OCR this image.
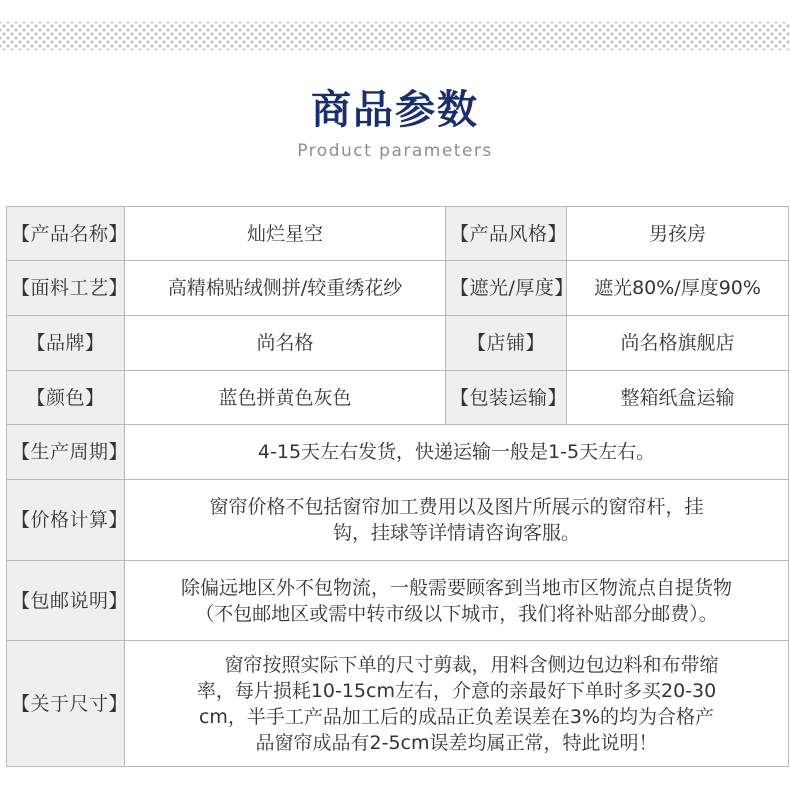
商品参数
Product parameters
【产品名称】	灿烂星空	【产品风格】	男孩房
【面料工艺】	高精棉贴绒侧拼/较重绣花纱	【遮光/厚度】	遮光80%/厚度90%
【品牌】	尚名格	【店铺】	尚名格旗舰店
【颜色】	蓝色拼黄色灰色	【包装运输】	整箱纸盒运输
【生产周期】	4-15天左右发货，快递运输一般是1-5天左右。		
【价格计算】	窗帘价格不包括窗帘加工费用以及图片所展示的窗帘杆，挂
钩，挂球等详情请咨询客服。		

【包邮说明】	除偏远地区外不包物流，一般需要顾客到当地市区物流点自提货物
（不包邮地区或需中转市级以下城市，我们将补贴部分邮费）。		

【关于尺寸】	窗帘按照实际下单的尺寸剪裁，用料含侧边包边料和布带缩
率，每片损耗10-15cm左右，介意的亲最好下单时多买20-30
cm，半手工产品加工后的成品正负差误差在3%的均为合格产
品窗帘成品有2-5cm误差均属正常，特此说明！		
